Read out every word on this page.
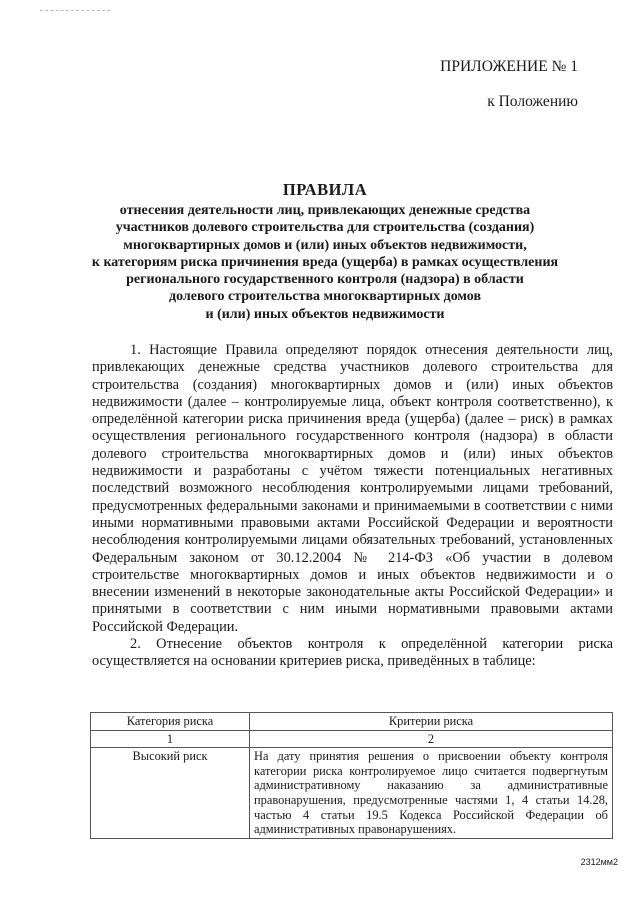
ПРИЛОЖЕНИЕ № 1
к Положению
ПРАВИЛА
отнесения деятельности лиц, привлекающих денежные средства
участников долевого строительства для строительства (создания)
многоквартирных домов и (или) иных объектов недвижимости,
к категориям риска причинения вреда (ущерба) в рамках осуществления
регионального государственного контроля (надзора) в области
долевого строительства многоквартирных домов
и (или) иных объектов недвижимости

1. Настоящие Правила определяют порядок отнесения деятельности лиц, привлекающих денежные средства участников долевого строительства для строительства (создания) многоквартирных домов и (или) иных объектов недвижимости (далее – контролируемые лица, объект контроля соответственно), к определённой категории риска причинения вреда (ущерба) (далее – риск) в рамках осуществления регионального государственного контроля (надзора) в области долевого строительства многоквартирных домов и (или) иных объектов недвижимости и разработаны с учётом тяжести потенциальных негативных последствий возможного несоблюдения контролируемыми лицами требований, предусмотренных федеральными законами и принимаемыми в соответствии с ними иными нормативными правовыми актами Российской Федерации и вероятности несоблюдения контролируемыми лицами обязательных требований, установленных Федеральным законом от 30.12.2004 № 214-ФЗ «Об участии в долевом строительстве многоквартирных домов и иных объектов недвижимости и о внесении изменений в некоторые законодательные акты Российской Федерации» и принятыми в соответствии с ним иными нормативными правовыми актами Российской Федерации.

2. Отнесение объектов контроля к определённой категории риска осуществляется на основании критериев риска, приведённых в таблице:

Категория риска	Критерии риска
1	2
Высокий риск	На дату принятия решения о присвоении объекту контроля категории риска контролируемое лицо считается подвергнутым административному наказанию за административные правонарушения, предусмотренные частями 1, 4 статьи 14.28, частью 4 статьи 19.5 Кодекса Российской Федерации об административных правонарушениях.
2312мм2
